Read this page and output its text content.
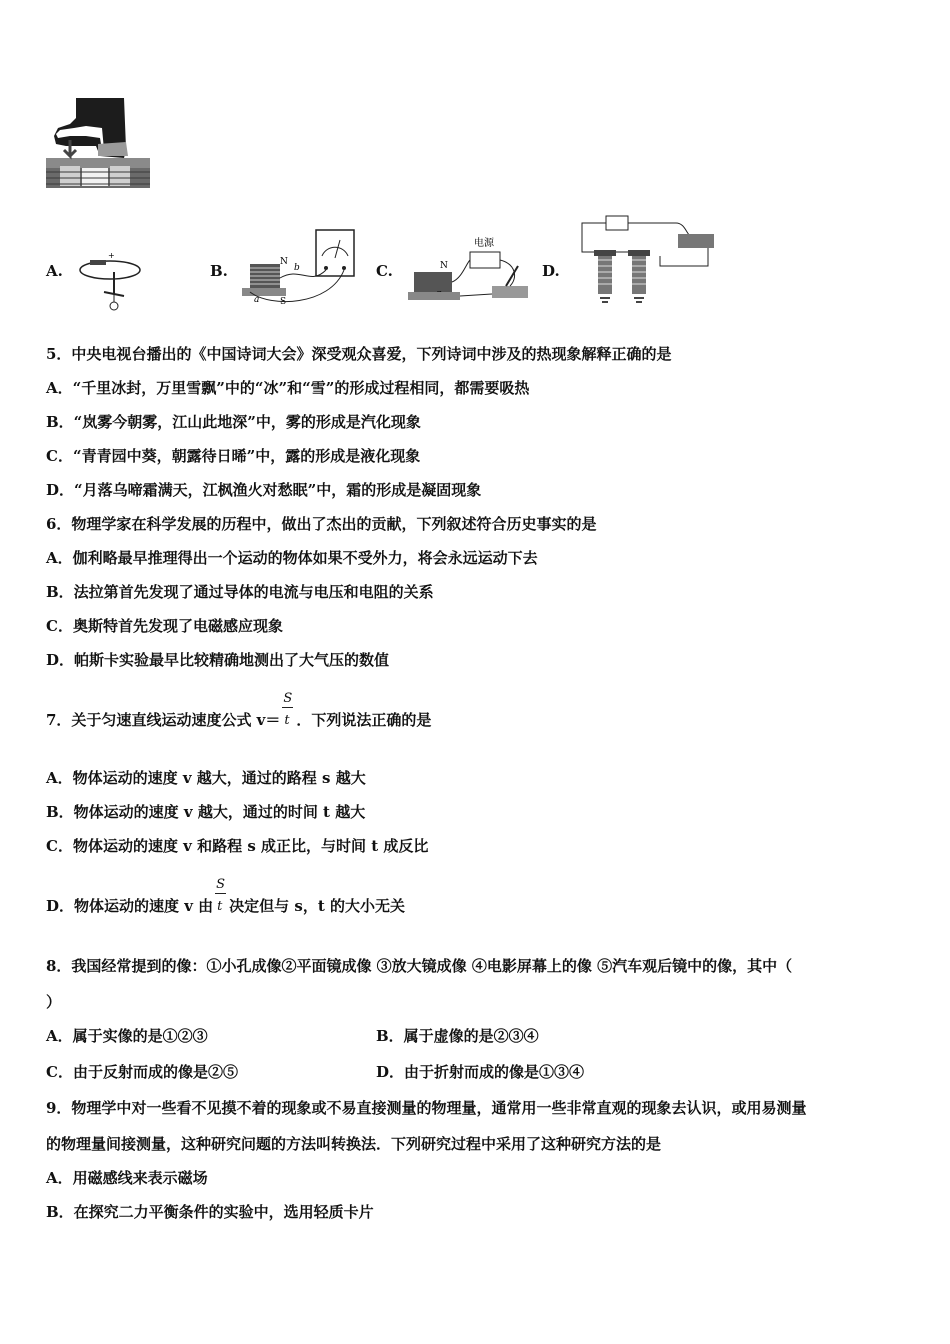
A.
+
B.	N
S
a
b	C.
电源
N	D.
5．中央电视台播出的《中国诗词大会》深受观众喜爱，下列诗词中涉及的热现象解释正确的是
A．“千里冰封，万里雪飘”中的“冰”和“雪”的形成过程相同，都需要吸热
B．“岚雾今朝雾，江山此地深”中，雾的形成是汽化现象
C．“青青园中葵，朝露待日晞”中，露的形成是液化现象
D．“月落乌啼霜满天，江枫渔火对愁眠”中，霜的形成是凝固现象
6．物理学家在科学发展的历程中，做出了杰出的贡献，下列叙述符合历史事实的是
A．伽利略最早推理得出一个运动的物体如果不受外力，将会永远运动下去
B．法拉第首先发现了通过导体的电流与电压和电阻的关系
C．奥斯特首先发现了电磁感应现象
D．帕斯卡实验最早比较精确地测出了大气压的数值
7．关于匀速直线运动速度公式 $v= \frac{S}{t}$ ．下列说法正确的是
A．物体运动的速度 v 越大，通过的路程 s 越大
B．物体运动的速度 v 越大，通过的时间 t 越大
C．物体运动的速度 v 和路程 s 成正比，与时间 t 成反比
D．物体运动的速度 v 由 $\frac{S}{t}$ 决定但与 s，t 的大小无关
8．我国经常提到的像：①小孔成像②平面镜成像 ③放大镜成像 ④电影屏幕上的像 ⑤汽车观后镜中的像，其中（
）
A．属于实像的是①②③	B．属于虚像的是②③④
C．由于反射而成的像是②⑤	D．由于折射而成的像是①③④
9．物理学中对一些看不见摸不着的现象或不易直接测量的物理量，通常用一些非常直观的现象去认识，或用易测量
的物理量间接测量，这种研究问题的方法叫转换法．下列研究过程中采用了这种研究方法的是
A．用磁感线来表示磁场
B．在探究二力平衡条件的实验中，选用轻质卡片
